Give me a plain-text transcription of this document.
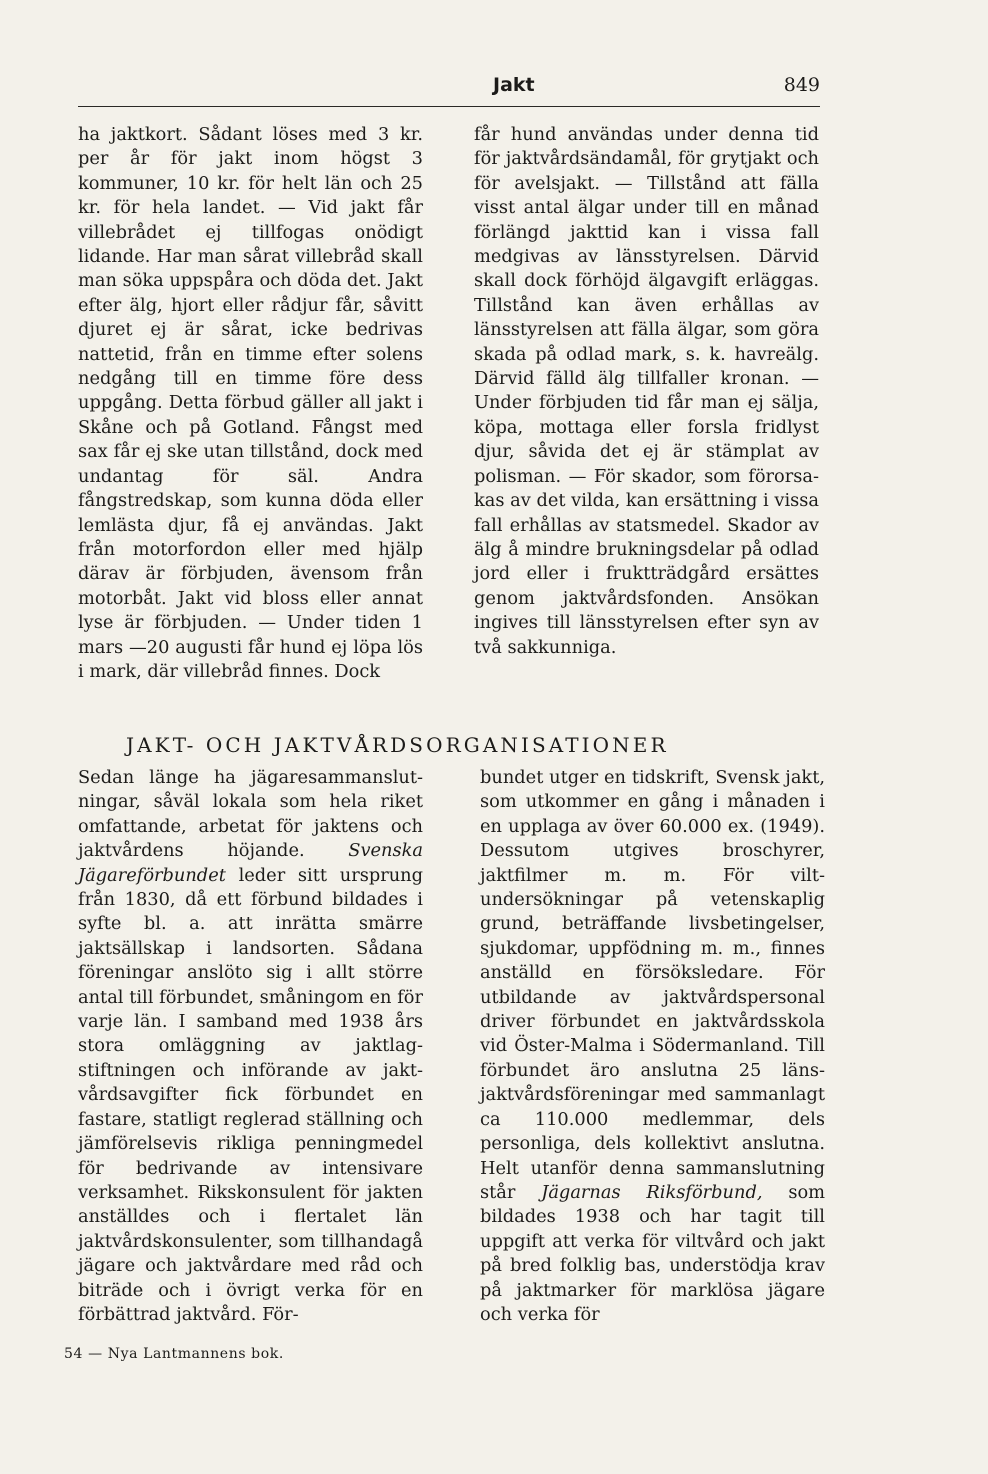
Jakt	849

ha jaktkort. Sådant löses med 3 kr. per år för jakt inom högst 3 kommuner, 10 kr. för helt län och 25 kr. för hela landet. — Vid jakt får villebrådet ej tillfogas onödigt lidande. Har man sårat villebråd skall man söka uppspåra och döda det. Jakt efter älg, hjort eller rådjur får, såvitt djuret ej är sårat, icke bedrivas nattetid, från en timme efter solens nedgång till en timme före dess uppgång. Detta förbud gäller all jakt i Skåne och på Gotland. Fångst med sax får ej ske utan tillstånd, dock med undantag för säl. Andra fångstredskap, som kunna döda eller lemlästa djur, få ej användas. Jakt från motorfordon eller med hjälp därav är förbjuden, ävensom från motorbåt. Jakt vid bloss eller annat lyse är förbjuden. — Under tiden 1 mars —20 augusti får hund ej löpa lös i mark, där villebråd finnes. Dock

får hund användas under denna tid för jaktvårdsändamål, för grytjakt och för avelsjakt. — Tillstånd att fälla visst antal älgar under till en månad förlängd jakttid kan i vissa fall medgivas av länsstyrelsen. Därvid skall dock förhöjd älgavgift erläggas. Tillstånd kan även erhållas av länsstyrelsen att fälla älgar, som göra skada på odlad mark, s. k. havreälg. Därvid fälld älg tillfaller kronan. — Under förbjuden tid får man ej sälja, köpa, mottaga eller forsla fridlyst djur, såvida det ej är stämplat av polisman. — För skador, som förorsakas av det vilda, kan ersättning i vissa fall erhållas av statsmedel. Skador av älg å mindre brukningsdelar på odlad jord eller i fruktträdgård ersättes genom jaktvårdsfonden. Ansökan ingives till länsstyrelsen efter syn av två sakkunniga.

JAKT- OCH JAKTVÅRDSORGANISATIONER

Sedan länge ha jägaresammanslutningar, såväl lokala som hela riket omfattande, arbetat för jaktens och jaktvårdens höjande. Svenska Jägareförbundet leder sitt ursprung från 1830, då ett förbund bildades i syfte bl. a. att inrätta smärre jaktsällskap i landsorten. Sådana föreningar anslöto sig i allt större antal till förbundet, småningom en för varje län. I samband med 1938 års stora omläggning av jaktlagstiftningen och införande av jaktvårdsavgifter fick förbundet en fastare, statligt reglerad ställning och jämförelsevis rikliga penningmedel för bedrivande av intensivare verksamhet. Rikskonsulent för jakten anställdes och i flertalet län jaktvårdskonsulenter, som tillhandagå jägare och jaktvårdare med råd och biträde och i övrigt verka för en förbättrad jaktvård. För-

bundet utger en tidskrift, Svensk jakt, som utkommer en gång i månaden i en upplaga av över 60.000 ex. (1949). Dessutom utgives broschyrer, jaktfilmer m. m. För viltundersökningar på vetenskaplig grund, beträffande livsbetingelser, sjukdomar, uppfödning m. m., finnes anställd en försöksledare. För utbildande av jaktvårdspersonal driver förbundet en jaktvårdsskola vid Öster-Malma i Södermanland. Till förbundet äro anslutna 25 länsjaktvårdsföreningar med sammanlagt ca 110.000 medlemmar, dels personliga, dels kollektivt anslutna. Helt utanför denna sammanslutning står Jägarnas Riksförbund, som bildades 1938 och har tagit till uppgift att verka för viltvård och jakt på bred folklig bas, understödja krav på jaktmarker för marklösa jägare och verka för

54 — Nya Lantmannens bok.
